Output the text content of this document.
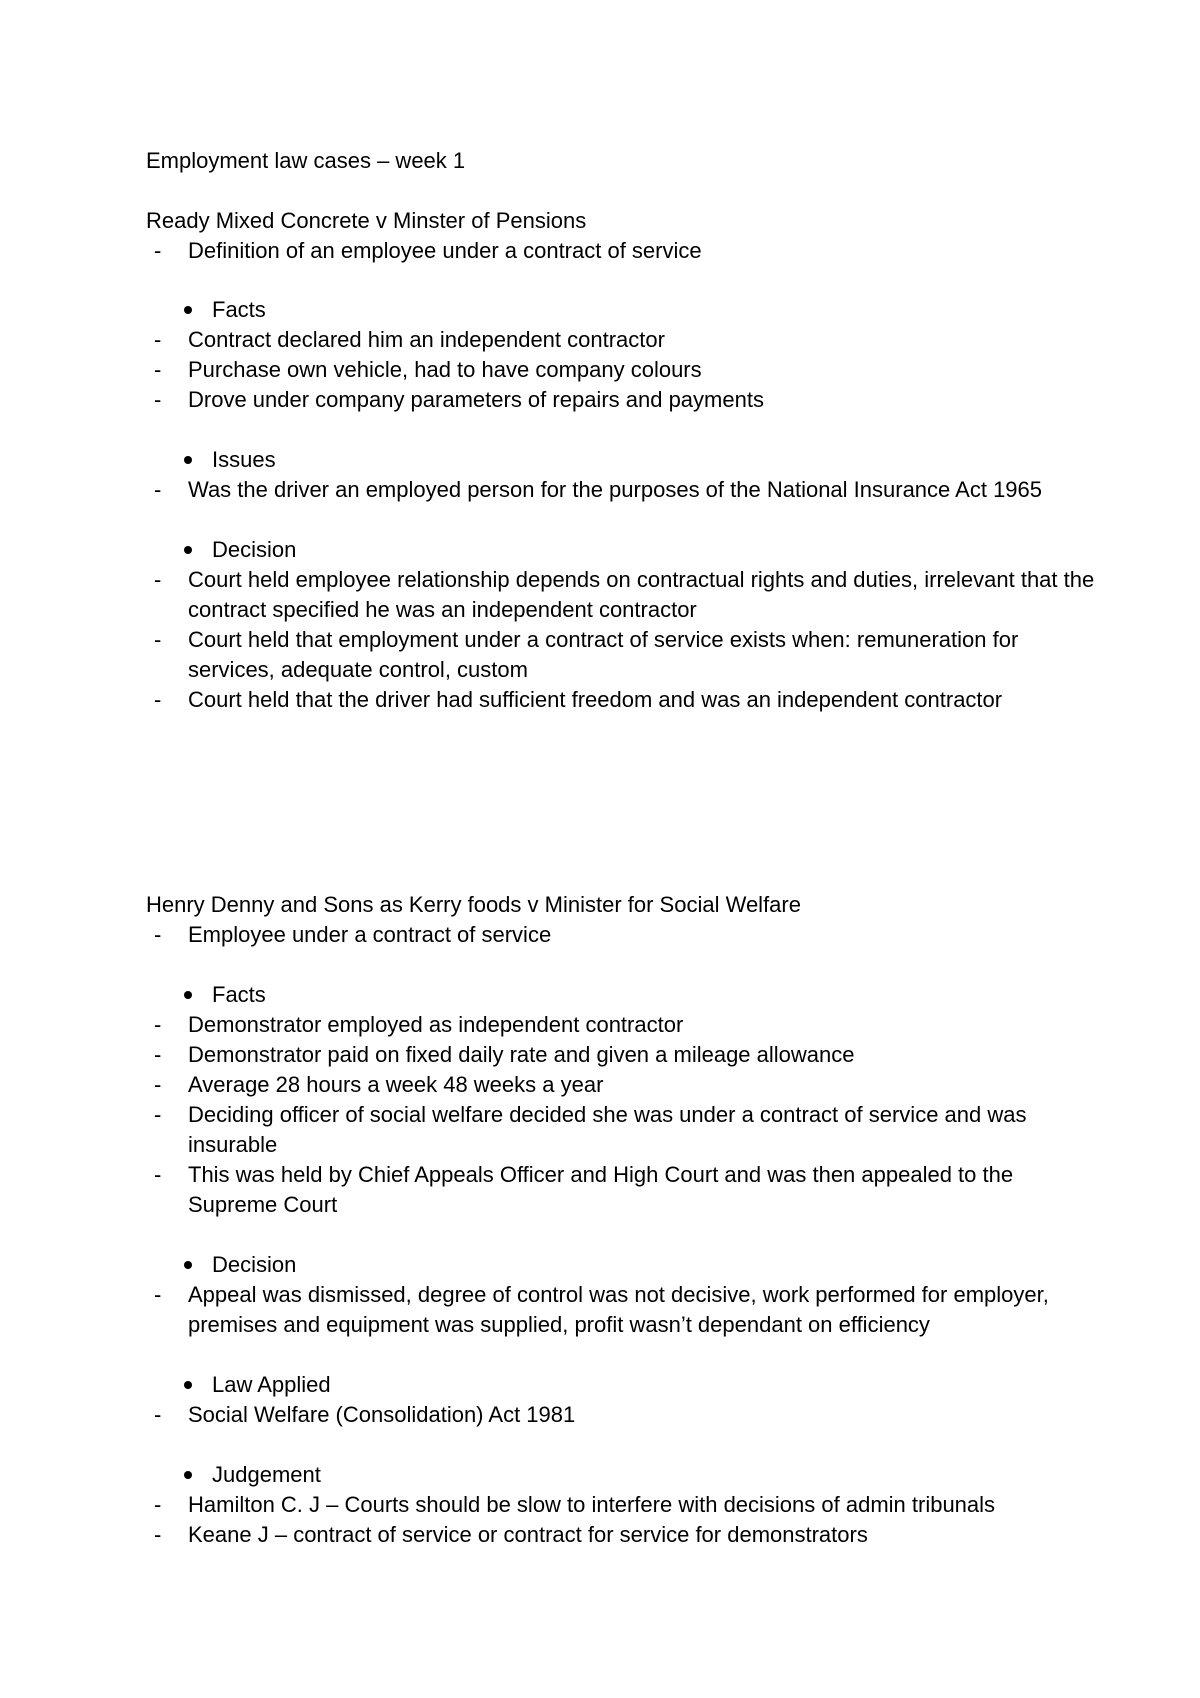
Employment law cases – week 1
Ready Mixed Concrete v Minster of Pensions
- Definition of an employee under a contract of service
Facts
- Contract declared him an independent contractor
- Purchase own vehicle, had to have company colours
- Drove under company parameters of repairs and payments
Issues
- Was the driver an employed person for the purposes of the National Insurance Act 1965
Decision
- Court held employee relationship depends on contractual rights and duties, irrelevant that the contract specified he was an independent contractor
- Court held that employment under a contract of service exists when: remuneration for services, adequate control, custom
- Court held that the driver had sufficient freedom and was an independent contractor
Henry Denny and Sons as Kerry foods v Minister for Social Welfare
- Employee under a contract of service
Facts
- Demonstrator employed as independent contractor
- Demonstrator paid on fixed daily rate and given a mileage allowance
- Average 28 hours a week 48 weeks a year
- Deciding officer of social welfare decided she was under a contract of service and was insurable
- This was held by Chief Appeals Officer and High Court and was then appealed to the Supreme Court
Decision
- Appeal was dismissed, degree of control was not decisive, work performed for employer, premises and equipment was supplied, profit wasn’t dependant on efficiency
Law Applied
- Social Welfare (Consolidation) Act 1981
Judgement
- Hamilton C. J – Courts should be slow to interfere with decisions of admin tribunals
- Keane J – contract of service or contract for service for demonstrators
